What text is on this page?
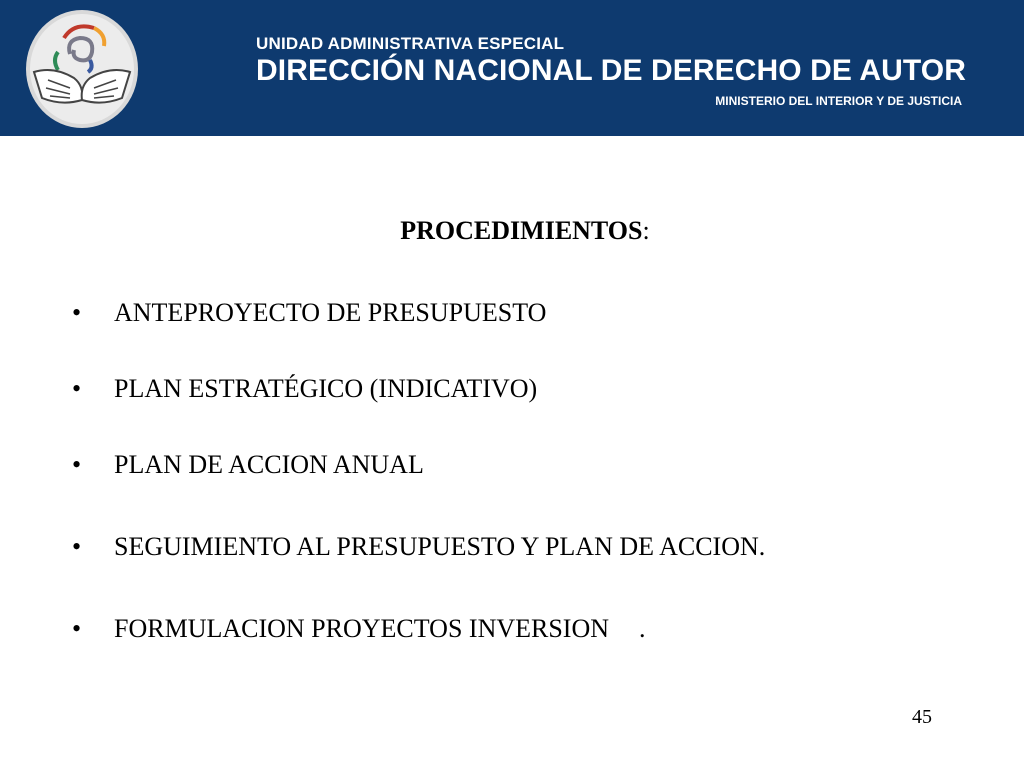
UNIDAD ADMINISTRATIVA ESPECIAL
DIRECCIÓN NACIONAL DE DERECHO DE AUTOR
MINISTERIO DEL INTERIOR Y DE JUSTICIA
PROCEDIMIENTOS:
• ANTEPROYECTO DE PRESUPUESTO
• PLAN ESTRATÉGICO (INDICATIVO)
• PLAN DE ACCION ANUAL
• SEGUIMIENTO AL PRESUPUESTO Y PLAN DE ACCION.
• FORMULACION PROYECTOS INVERSION .
45
